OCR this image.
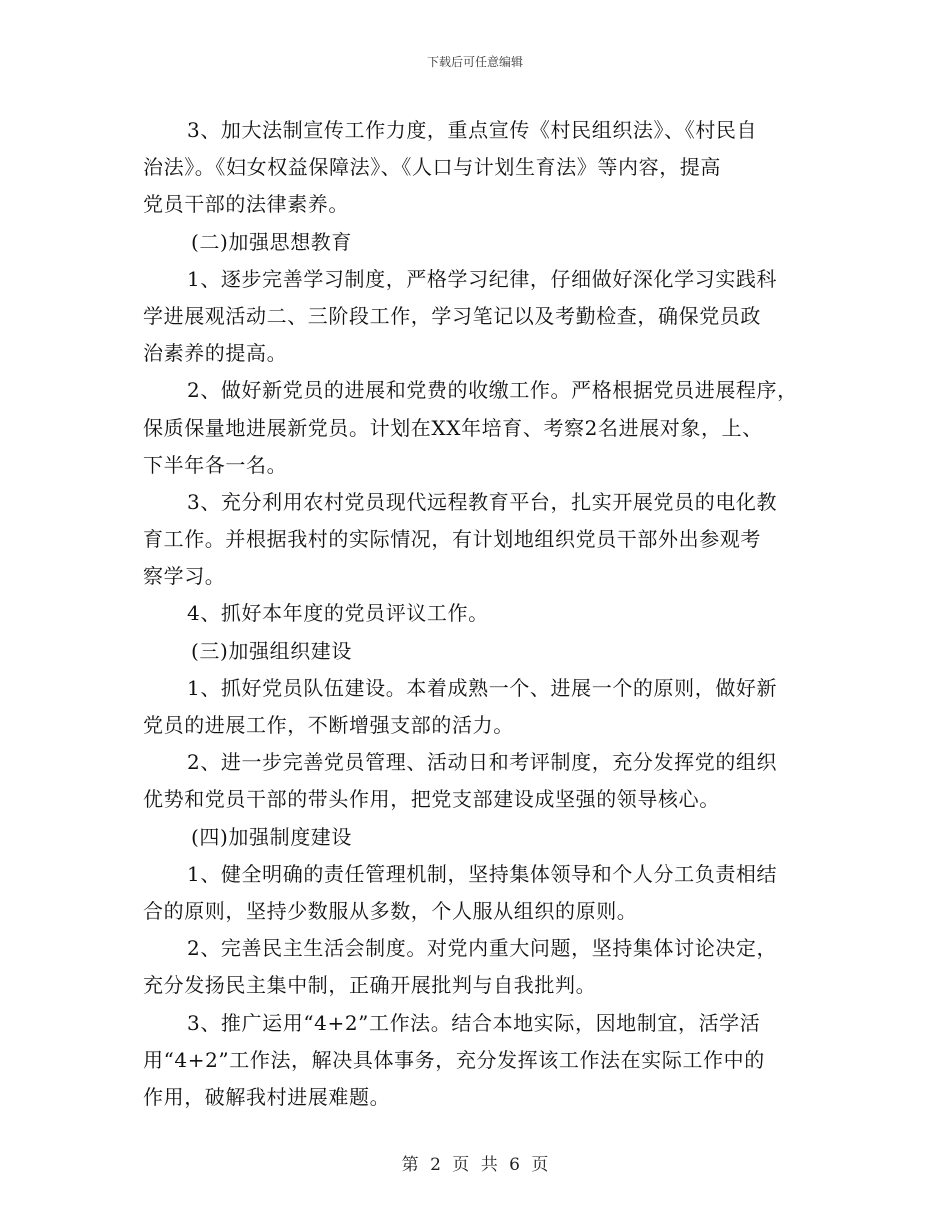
下载后可任意编辑
3、加大法制宣传工作力度，重点宣传《村民组织法》、《村民自
治法》。《妇女权益保障法》、《人口与计划生育法》等内容，提高
党员干部的法律素养。
(二)加强思想教育
1、逐步完善学习制度，严格学习纪律，仔细做好深化学习实践科
学进展观活动二、三阶段工作，学习笔记以及考勤检查，确保党员政
治素养的提高。
2、做好新党员的进展和党费的收缴工作。严格根据党员进展程序，
保质保量地进展新党员。计划在XX年培育、考察2名进展对象，上、
下半年各一名。
3、充分利用农村党员现代远程教育平台，扎实开展党员的电化教
育工作。并根据我村的实际情况，有计划地组织党员干部外出参观考
察学习。
4、抓好本年度的党员评议工作。
(三)加强组织建设
1、抓好党员队伍建设。本着成熟一个、进展一个的原则，做好新
党员的进展工作，不断增强支部的活力。
2、进一步完善党员管理、活动日和考评制度，充分发挥党的组织
优势和党员干部的带头作用，把党支部建设成坚强的领导核心。
(四)加强制度建设
1、健全明确的责任管理机制，坚持集体领导和个人分工负责相结
合的原则，坚持少数服从多数，个人服从组织的原则。
2、完善民主生活会制度。对党内重大问题，坚持集体讨论决定，
充分发扬民主集中制，正确开展批判与自我批判。
3、推广运用“4+2”工作法。结合本地实际，因地制宜，活学活
用“4+2”工作法，解决具体事务，充分发挥该工作法在实际工作中的
作用，破解我村进展难题。
第 2 页 共 6 页
